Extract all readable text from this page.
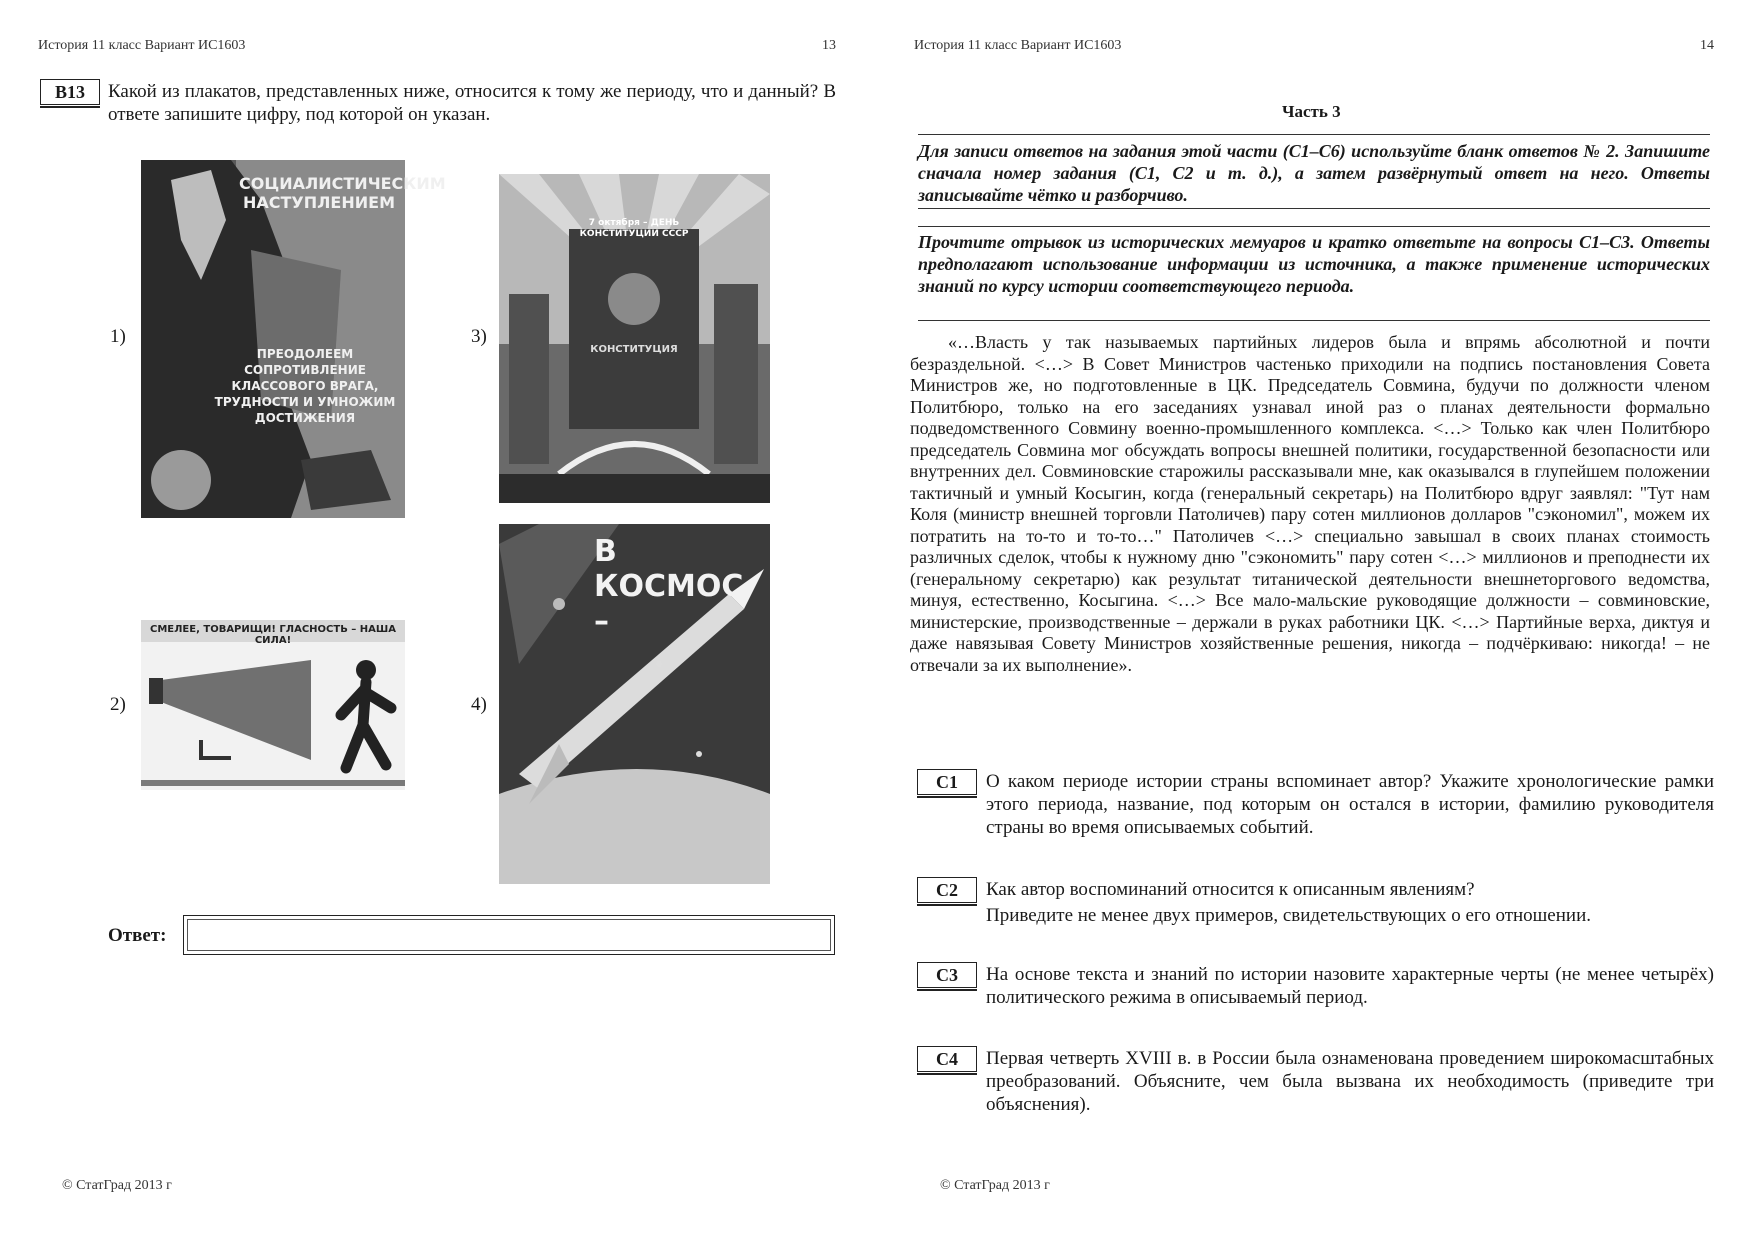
История 11 класс Вариант ИС1603	13
B13	Какой из плакатов, представленных ниже, относится к тому же периоду, что и данный? В ответе запишите цифру, под которой он указан.
1)
СОЦИАЛИСТИЧЕСКИМ НАСТУПЛЕНИЕМ
ПРЕОДОЛЕЕМ СОПРОТИВЛЕНИЕ КЛАССОВОГО ВРАГА, ТРУДНОСТИ И УМНОЖИМ ДОСТИЖЕНИЯ
2)
СМЕЛЕЕ, ТОВАРИЩИ! ГЛАСНОСТЬ – НАША СИЛА!
3)
7 октября – ДЕНЬ КОНСТИТУЦИИ СССР
КОНСТИТУЦИЯ
4)
В КОСМОС –
Ответ:
© СтатГрад 2013 г
История 11 класс Вариант ИС1603	14
Часть 3
Для записи ответов на задания этой части (С1–С6) используйте бланк ответов № 2. Запишите сначала номер задания (С1, С2 и т. д.), а затем развёрнутый ответ на него. Ответы записывайте чётко и разборчиво.
Прочтите отрывок из исторических мемуаров и кратко ответьте на вопросы С1–С3. Ответы предполагают использование информации из источника, а также применение исторических знаний по курсу истории соответствующего периода.
«…Власть у так называемых партийных лидеров была и впрямь абсолютной и почти безраздельной. <…> В Совет Министров частенько приходили на подпись постановления Совета Министров же, но подготовленные в ЦК. Председатель Совмина, будучи по должности членом Политбюро, только на его заседаниях узнавал иной раз о планах деятельности формально подведомственного Совмину военно-промышленного комплекса. <…> Только как член Политбюро председатель Совмина мог обсуждать вопросы внешней политики, государственной безопасности или внутренних дел. Совминовские старожилы рассказывали мне, как оказывался в глупейшем положении тактичный и умный Косыгин, когда (генеральный секретарь) на Политбюро вдруг заявлял: "Тут нам Коля (министр внешней торговли Патоличев) пару сотен миллионов долларов "сэкономил", можем их потратить на то-то и то-то…" Патоличев <…> специально завышал в своих планах стоимость различных сделок, чтобы к нужному дню "сэкономить" пару сотен <…> миллионов и преподнести их (генеральному секретарю) как результат титанической деятельности внешнеторгового ведомства, минуя, естественно, Косыгина. <…> Все мало-мальские руководящие должности – совминовские, министерские, производственные – держали в руках работники ЦК. <…> Партийные верха, диктуя и даже навязывая Совету Министров хозяйственные решения, никогда – подчёркиваю: никогда! – не отвечали за их выполнение».
C1	О каком периоде истории страны вспоминает автор? Укажите хронологические рамки этого периода, название, под которым он остался в истории, фамилию руководителя страны во время описываемых событий.
C2	Как автор воспоминаний относится к описанным явлениям?
Приведите не менее двух примеров, свидетельствующих о его отношении.
C3	На основе текста и знаний по истории назовите характерные черты (не менее четырёх) политического режима в описываемый период.
C4	Первая четверть XVIII в. в России была ознаменована проведением широкомасштабных преобразований. Объясните, чем была вызвана их необходимость (приведите три объяснения).
© СтатГрад 2013 г
